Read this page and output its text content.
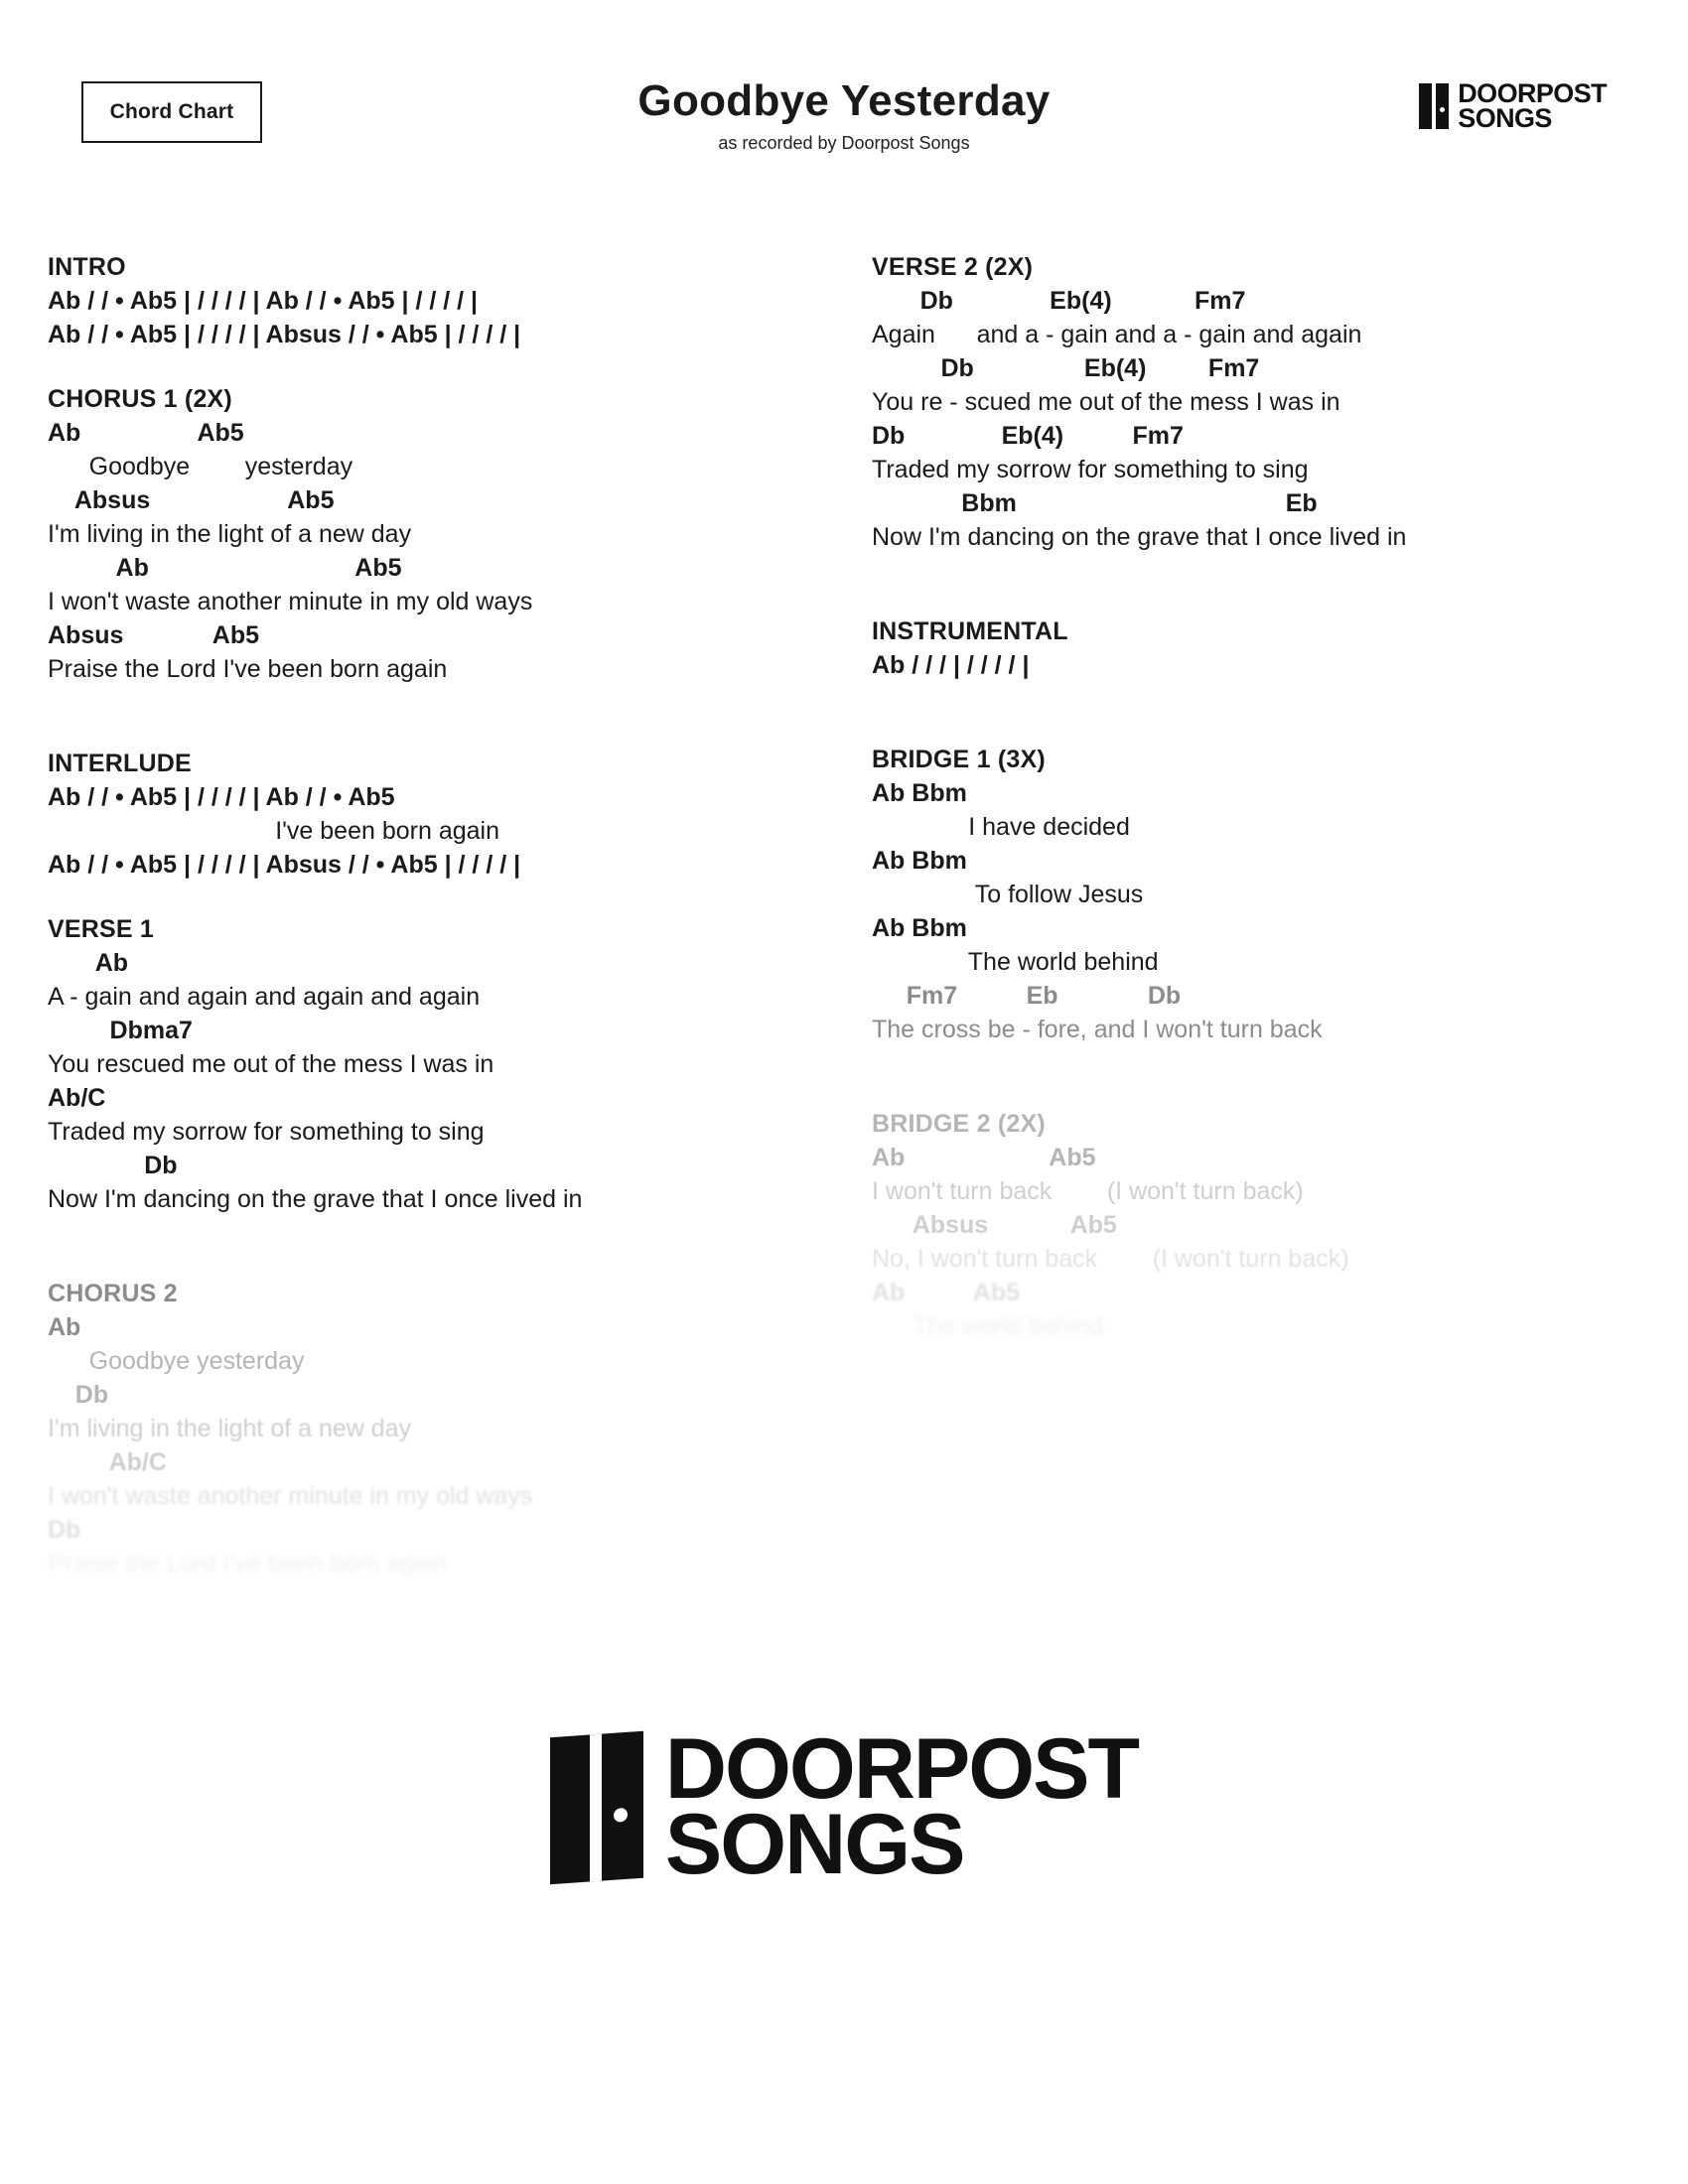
Chord Chart	Goodbye Yesterday
as recorded by Doorpost Songs
DOORPOST
SONGS
INTRO
Ab / / • Ab5 | / / / / | Ab / / • Ab5 | / / / / |
Ab / / • Ab5 | / / / / | Absus / / • Ab5 | / / / / |
CHORUS 1 (2X)
Ab                 Ab5
Goodbye        yesterday
Absus                    Ab5
I'm living in the light of a new day
Ab                              Ab5
I won't waste another minute in my old ways
Absus             Ab5
Praise the Lord I've been born again
INTERLUDE
Ab / / • Ab5 | / / / / | Ab / / • Ab5
I've been born again
Ab / / • Ab5 | / / / / | Absus / / • Ab5 | / / / / |
VERSE 1
Ab
A - gain and again and again and again
Dbma7
You rescued me out of the mess I was in
Ab/C
Traded my sorrow for something to sing
Db
Now I'm dancing on the grave that I once lived in
CHORUS 2
Ab
Goodbye yesterday
Db
I'm living in the light of a new day
Ab/C
I won't waste another minute in my old ways
Db
Praise the Lord I've been born again
VERSE 2 (2X)
Db              Eb(4)            Fm7
Again      and a - gain and a - gain and again
Db                Eb(4)         Fm7
You re - scued me out of the mess I was in
Db              Eb(4)          Fm7
Traded my sorrow for something to sing
Bbm                                       Eb
Now I'm dancing on the grave that I once lived in
INSTRUMENTAL
Ab / / / | / / / / |
BRIDGE 1 (3X)
Ab Bbm
I have decided
Ab Bbm
To follow Jesus
Ab Bbm
The world behind
Fm7          Eb             Db
The cross be - fore, and I won't turn back
BRIDGE 2 (2X)
Ab                     Ab5
I won't turn back        (I won't turn back)
Absus            Ab5
No, I won't turn back        (I won't turn back)
Ab          Ab5
The world behind
DOORPOST
SONGS
